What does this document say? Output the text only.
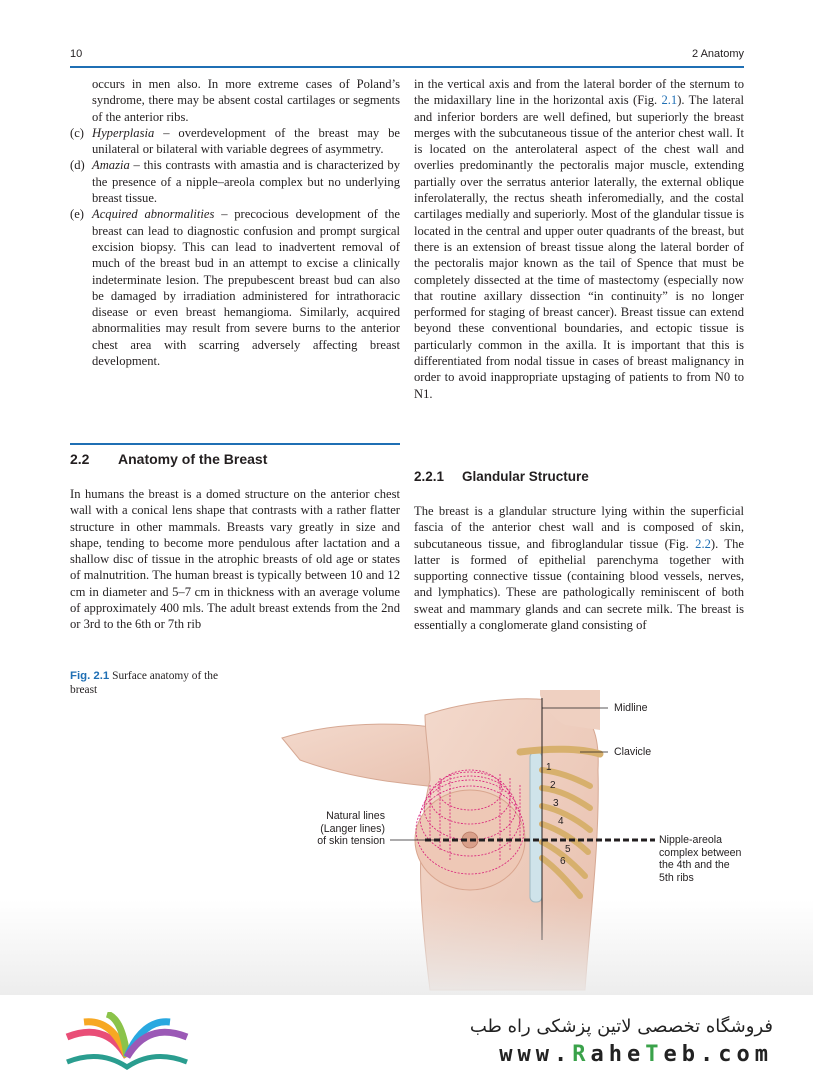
10	2 Anatomy

occurs in men also. In more extreme cases of Poland’s syndrome, there may be absent costal cartilages or segments of the anterior ribs.

(c) Hyperplasia – overdevelopment of the breast may be unilateral or bilateral with variable degrees of asymmetry.
(d) Amazia – this contrasts with amastia and is characterized by the presence of a nipple–areola complex but no underlying breast tissue.
(e) Acquired abnormalities – precocious development of the breast can lead to diagnostic confusion and prompt surgical excision biopsy. This can lead to inadvertent removal of much of the breast bud in an attempt to excise a clinically indeterminate lesion. The prepubescent breast bud can also be damaged by irradiation administered for intrathoracic disease or even breast hemangioma. Similarly, acquired abnormalities may result from severe burns to the anterior chest area with scarring adversely affecting breast development.
2.2 Anatomy of the Breast

In humans the breast is a domed structure on the anterior chest wall with a conical lens shape that contrasts with a rather flatter structure in other mammals. Breasts vary greatly in size and shape, tending to become more pendulous after lactation and a shallow disc of tissue in the atrophic breasts of old age or states of malnutrition. The human breast is typically between 10 and 12 cm in diameter and 5–7 cm in thickness with an average volume of approximately 400 mls. The adult breast extends from the 2nd or 3rd to the 6th or 7th rib

in the vertical axis and from the lateral border of the sternum to the midaxillary line in the horizontal axis (Fig. 2.1). The lateral and inferior borders are well defined, but superiorly the breast merges with the subcutaneous tissue of the anterior chest wall. It is located on the anterolateral aspect of the chest wall and overlies predominantly the pectoralis major muscle, extending partially over the serratus anterior laterally, the external oblique inferolaterally, the rectus sheath inferomedially, and the costal cartilages medially and superiorly. Most of the glandular tissue is located in the central and upper outer quadrants of the breast, but there is an extension of breast tissue along the lateral border of the pectoralis major known as the tail of Spence that must be completely dissected at the time of mastectomy (especially now that routine axillary dissection “in continuity” is no longer performed for staging of breast cancer). Breast tissue can extend beyond these conventional boundaries, and ectopic tissue is particularly common in the axilla. It is important that this is differentiated from nodal tissue in cases of breast malignancy in order to avoid inappropriate upstaging of patients to from N0 to N1.

2.2.1 Glandular Structure

The breast is a glandular structure lying within the superficial fascia of the anterior chest wall and is composed of skin, subcutaneous tissue, and fibroglandular tissue (Fig. 2.2). The latter is formed of epithelial parenchyma together with supporting connective tissue (containing blood vessels, nerves, and lymphatics). These are pathologically reminiscent of both sweat and mammary glands and can secrete milk. The breast is essentially a conglomerate gland consisting of

Fig. 2.1 Surface anatomy of the breast
1
2
3
4
5
6
Midline
Clavicle
Natural lines
(Langer lines)
of skin tension	Nipple-areola
complex between
the 4th and the
5th ribs
فروشگاه تخصصی لاتین پزشکی راه طب
www.RaheTeb.com
